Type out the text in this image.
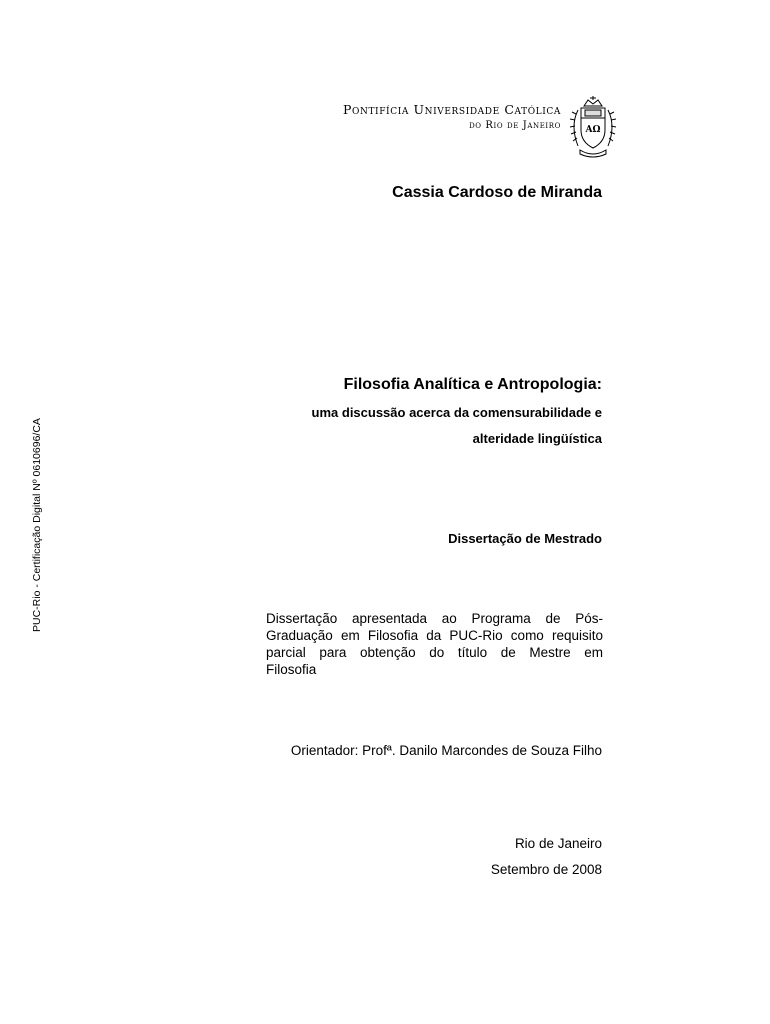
Pontifícia Universidade Católica
do Rio de Janeiro	AΩ
Cassia Cardoso de Miranda
Filosofia Analítica e Antropologia:
uma discussão acerca da comensurabilidade e
alteridade lingüística
Dissertação de Mestrado
Dissertação apresentada ao Programa de Pós-
Graduação em Filosofia da PUC-Rio como requisito
parcial para obtenção do título de Mestre em
Filosofia
Orientador: Profª. Danilo Marcondes de Souza Filho
Rio de Janeiro
Setembro de 2008
PUC-Rio - Certificação Digital Nº 0610696/CA
